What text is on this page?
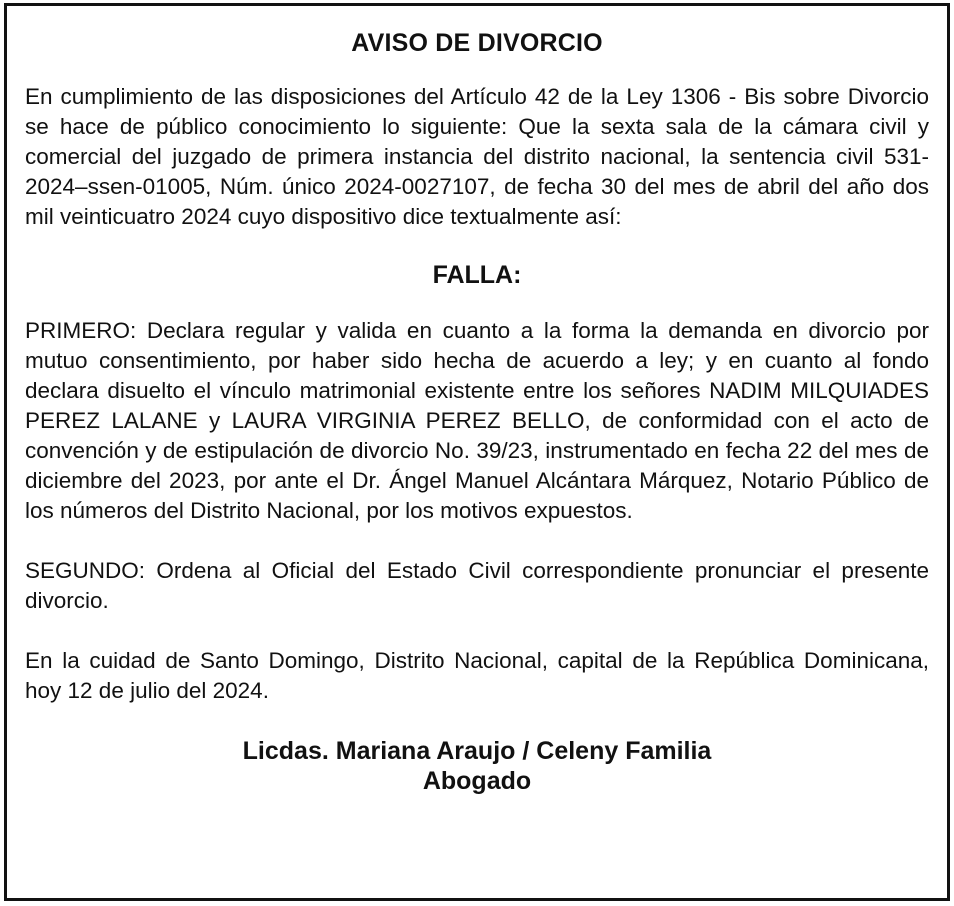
AVISO DE DIVORCIO
En cumplimiento de las disposiciones del Artículo 42 de la Ley 1306 - Bis sobre Divorcio se hace de público conocimiento lo siguiente: Que la sexta sala de la cámara civil y comercial del juzgado de primera instancia del distrito nacional, la sentencia civil 531-2024–ssen-01005, Núm. único 2024-0027107, de fecha 30 del mes de abril del año dos mil veinticuatro 2024 cuyo dispositivo dice textualmente así:
FALLA:
PRIMERO: Declara regular y valida en cuanto a la forma la demanda en divorcio por mutuo consentimiento, por haber sido hecha de acuerdo a ley; y en cuanto al fondo declara disuelto el vínculo matrimonial existente entre los señores NADIM MILQUIADES PEREZ LALANE y LAURA VIRGINIA PEREZ BELLO, de conformidad con el acto de convención y de estipulación de divorcio No. 39/23, instrumentado en fecha 22 del mes de diciembre del 2023, por ante el Dr. Ángel Manuel Alcántara Márquez, Notario Público de los números del Distrito Nacional, por los motivos expuestos.
SEGUNDO: Ordena al Oficial del Estado Civil correspondiente pronunciar el presente divorcio.
En la cuidad de Santo Domingo, Distrito Nacional, capital de la República Dominicana, hoy 12 de julio del 2024.
Licdas. Mariana Araujo / Celeny Familia
Abogado
